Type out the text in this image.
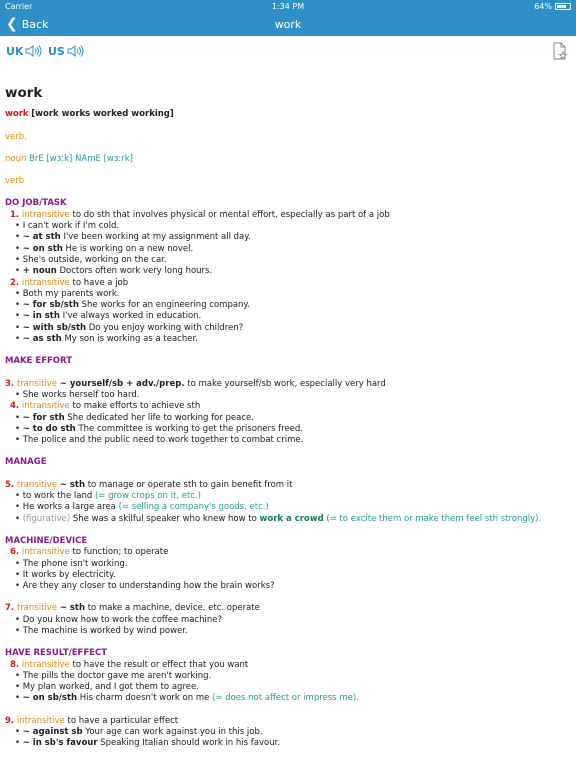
Carrier	1:34 PM	64%
❮ Back	work
UK US
work
work [work works worked working]
verb,
noun BrE [wɜːk] NAmE [wɜːrk]
verb
DO JOB/TASK
1. intransitive to do sth that involves physical or mental effort, especially as part of a job
• I can't work if I'm cold.
• ~ at sth I've been working at my assignment all day.
• ~ on sth He is working on a new novel.
• She's outside, working on the car.
• + noun Doctors often work very long hours.
2. intransitive to have a job
• Both my parents work.
• ~ for sb/sth She works for an engineering company.
• ~ in sth I've always worked in education.
• ~ with sb/sth Do you enjoy working with children?
• ~ as sth My son is working as a teacher.
MAKE EFFORT
3. transitive ~ yourself/sb + adv./prep. to make yourself/sb work, especially very hard
• She works herself too hard.
4. intransitive to make efforts to achieve sth
• ~ for sth She dedicated her life to working for peace.
• ~ to do sth The committee is working to get the prisoners freed.
• The police and the public need to work together to combat crime.
MANAGE
5. transitive ~ sth to manage or operate sth to gain benefit from it
• to work the land (= grow crops on it, etc.)
• He works a large area (= selling a company's goods, etc.)
• (figurative) She was a skilful speaker who knew how to work a crowd (= to excite them or make them feel sth strongly).
MACHINE/DEVICE
6. intransitive to function; to operate
• The phone isn't working.
• It works by electricity.
• Are they any closer to understanding how the brain works?
7. transitive ~ sth to make a machine, device, etc. operate
• Do you know how to work the coffee machine?
• The machine is worked by wind power.
HAVE RESULT/EFFECT
8. intransitive to have the result or effect that you want
• The pills the doctor gave me aren't working.
• My plan worked, and I got them to agree.
• ~ on sb/sth His charm doesn't work on me (= does not affect or impress me).
9. intransitive to have a particular effect
• ~ against sb Your age can work against you in this job.
• ~ in sb's favour Speaking Italian should work in his favour.
